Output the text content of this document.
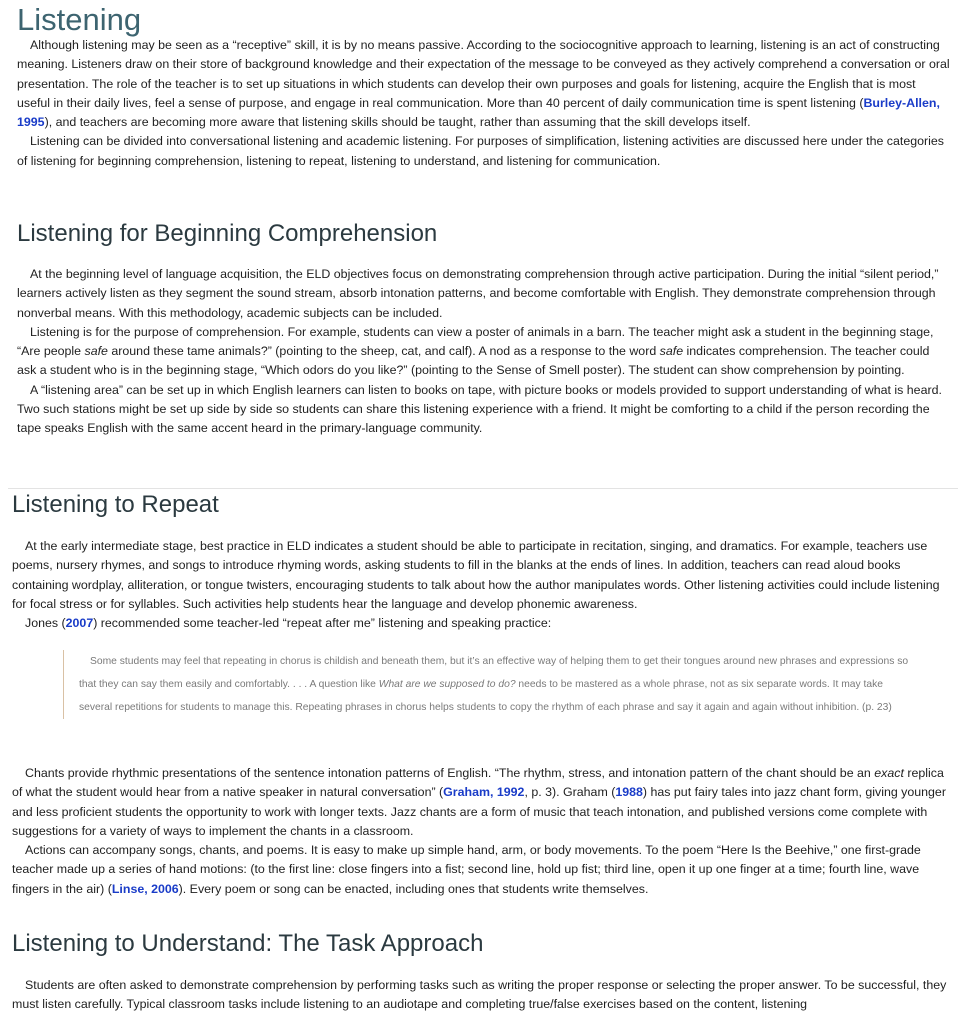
Listening

Although listening may be seen as a “receptive” skill, it is by no means passive. According to the sociocognitive approach to learning, listening is an act of constructing meaning. Listeners draw on their store of background knowledge and their expectation of the message to be conveyed as they actively comprehend a conversation or oral presentation. The role of the teacher is to set up situations in which students can develop their own purposes and goals for listening, acquire the English that is most useful in their daily lives, feel a sense of purpose, and engage in real communication. More than 40 percent of daily communication time is spent listening (Burley-Allen, 1995), and teachers are becoming more aware that listening skills should be taught, rather than assuming that the skill develops itself.

Listening can be divided into conversational listening and academic listening. For purposes of simplification, listening activities are discussed here under the categories of listening for beginning comprehension, listening to repeat, listening to understand, and listening for communication.

Listening for Beginning Comprehension

At the beginning level of language acquisition, the ELD objectives focus on demonstrating comprehension through active participation. During the initial “silent period,” learners actively listen as they segment the sound stream, absorb intonation patterns, and become comfortable with English. They demonstrate comprehension through nonverbal means. With this methodology, academic subjects can be included.

Listening is for the purpose of comprehension. For example, students can view a poster of animals in a barn. The teacher might ask a student in the beginning stage, “Are people safe around these tame animals?” (pointing to the sheep, cat, and calf). A nod as a response to the word safe indicates comprehension. The teacher could ask a student who is in the beginning stage, “Which odors do you like?” (pointing to the Sense of Smell poster). The student can show comprehension by pointing.

A “listening area” can be set up in which English learners can listen to books on tape, with picture books or models provided to support understanding of what is heard. Two such stations might be set up side by side so students can share this listening experience with a friend. It might be comforting to a child if the person recording the tape speaks English with the same accent heard in the primary-language community.

Listening to Repeat

At the early intermediate stage, best practice in ELD indicates a student should be able to participate in recitation, singing, and dramatics. For example, teachers use poems, nursery rhymes, and songs to introduce rhyming words, asking students to fill in the blanks at the ends of lines. In addition, teachers can read aloud books containing wordplay, alliteration, or tongue twisters, encouraging students to talk about how the author manipulates words. Other listening activities could include listening for focal stress or for syllables. Such activities help students hear the language and develop phonemic awareness.

Jones (2007) recommended some teacher-led “repeat after me” listening and speaking practice:

Some students may feel that repeating in chorus is childish and beneath them, but it’s an effective way of helping them to get their tongues around new phrases and expressions so that they can say them easily and comfortably. . . . A question like What are we supposed to do? needs to be mastered as a whole phrase, not as six separate words. It may take several repetitions for students to manage this. Repeating phrases in chorus helps students to copy the rhythm of each phrase and say it again and again without inhibition. (p. 23)

Chants provide rhythmic presentations of the sentence intonation patterns of English. “The rhythm, stress, and intonation pattern of the chant should be an exact replica of what the student would hear from a native speaker in natural conversation” (Graham, 1992, p. 3). Graham (1988) has put fairy tales into jazz chant form, giving younger and less proficient students the opportunity to work with longer texts. Jazz chants are a form of music that teach intonation, and published versions come complete with suggestions for a variety of ways to implement the chants in a classroom.

Actions can accompany songs, chants, and poems. It is easy to make up simple hand, arm, or body movements. To the poem “Here Is the Beehive,” one first-grade teacher made up a series of hand motions: (to the first line: close fingers into a fist; second line, hold up fist; third line, open it up one finger at a time; fourth line, wave fingers in the air) (Linse, 2006). Every poem or song can be enacted, including ones that students write themselves.

Listening to Understand: The Task Approach

Students are often asked to demonstrate comprehension by performing tasks such as writing the proper response or selecting the proper answer. To be successful, they must listen carefully. Typical classroom tasks include listening to an audiotape and completing true/false exercises based on the content, listening
